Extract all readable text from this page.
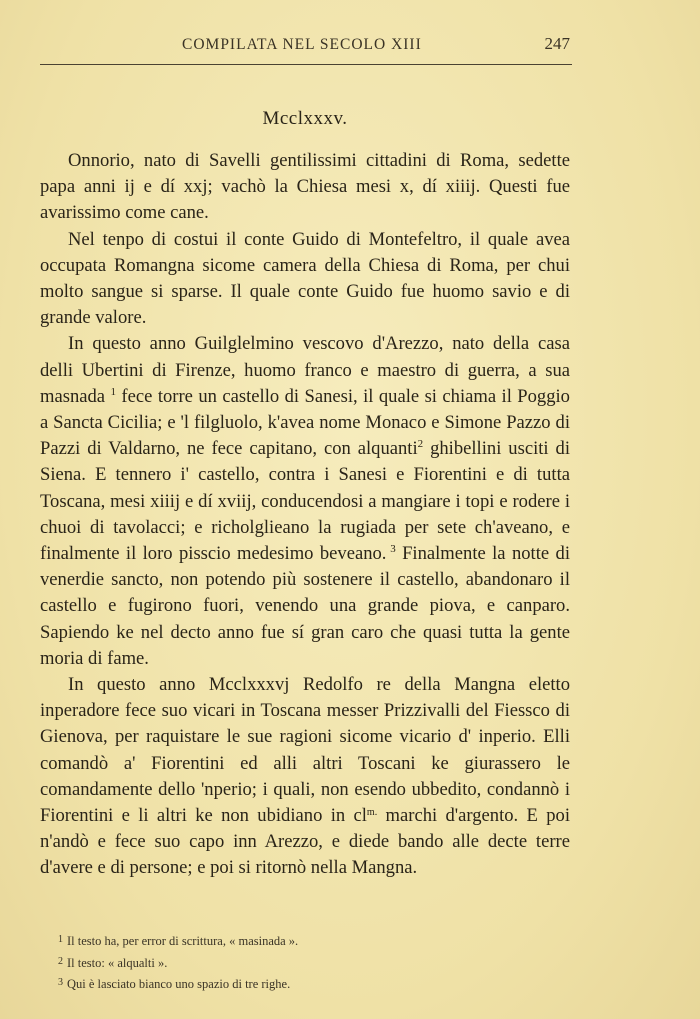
COMPILATA NEL SECOLO XIII	247
Mcclxxxv.

Onnorio, nato di Savelli gentilissimi cittadini di Roma, sedette papa anni ij e dí xxj; vachò la Chiesa mesi x, dí xiiij. Questi fue avarissimo come cane.

Nel tenpo di costui il conte Guido di Montefeltro, il quale avea occupata Romangna sicome camera della Chiesa di Roma, per chui molto sangue si sparse. Il quale conte Guido fue huomo savio e di grande valore.

In questo anno Guilglelmino vescovo d'Arezzo, nato della casa delli Ubertini di Firenze, huomo franco e maestro di guerra, a sua masnada $^1$ fece torre un castello di Sanesi, il quale si chiama il Poggio a Sancta Cicilia; e 'l filgluolo, k'avea nome Monaco e Simone Pazzo di Pazzi di Valdarno, ne fece capitano, con alquanti$^2$ ghibellini usciti di Siena. E tennero i' castello, contra i Sanesi e Fiorentini e di tutta Toscana, mesi xiiij e dí xviij, conducendosi a mangiare i topi e rodere i chuoi di tavolacci; e richolglieano la rugiada per sete ch'aveano, e finalmente il loro pisscio medesimo beveano.  $^3$ Finalmente la notte di venerdie sancto, non potendo più sostenere il castello, abandonaro il castello e fugirono fuori, venendo una grande piova, e canparo. Sapiendo ke nel decto anno fue sí gran caro che quasi tutta la gente moria di fame.

In questo anno Mcclxxxvj Redolfo re della Mangna eletto inperadore fece suo vicari in Toscana messer Prizzivalli del Fiessco di Gienova, per raquistare le sue ragioni sicome vicario d' inperio. Elli comandò a' Fiorentini ed alli altri Toscani ke giurassero le comandamente dello 'nperio; i quali, non esendo ubbedito, condannò i Fiorentini e li altri ke non ubidiano in $cl^{m.}$ marchi d'argento. E poi n'andò e fece suo capo inn Arezzo, e diede bando alle decte terre d'avere e di persone; e poi si ritornò nella Mangna.

$^1$ Il testo ha, per error di scrittura, « masinada ».
$^2$ Il testo: « alqualti ».
$^3$ Qui è lasciato bianco uno spazio di tre righe.
